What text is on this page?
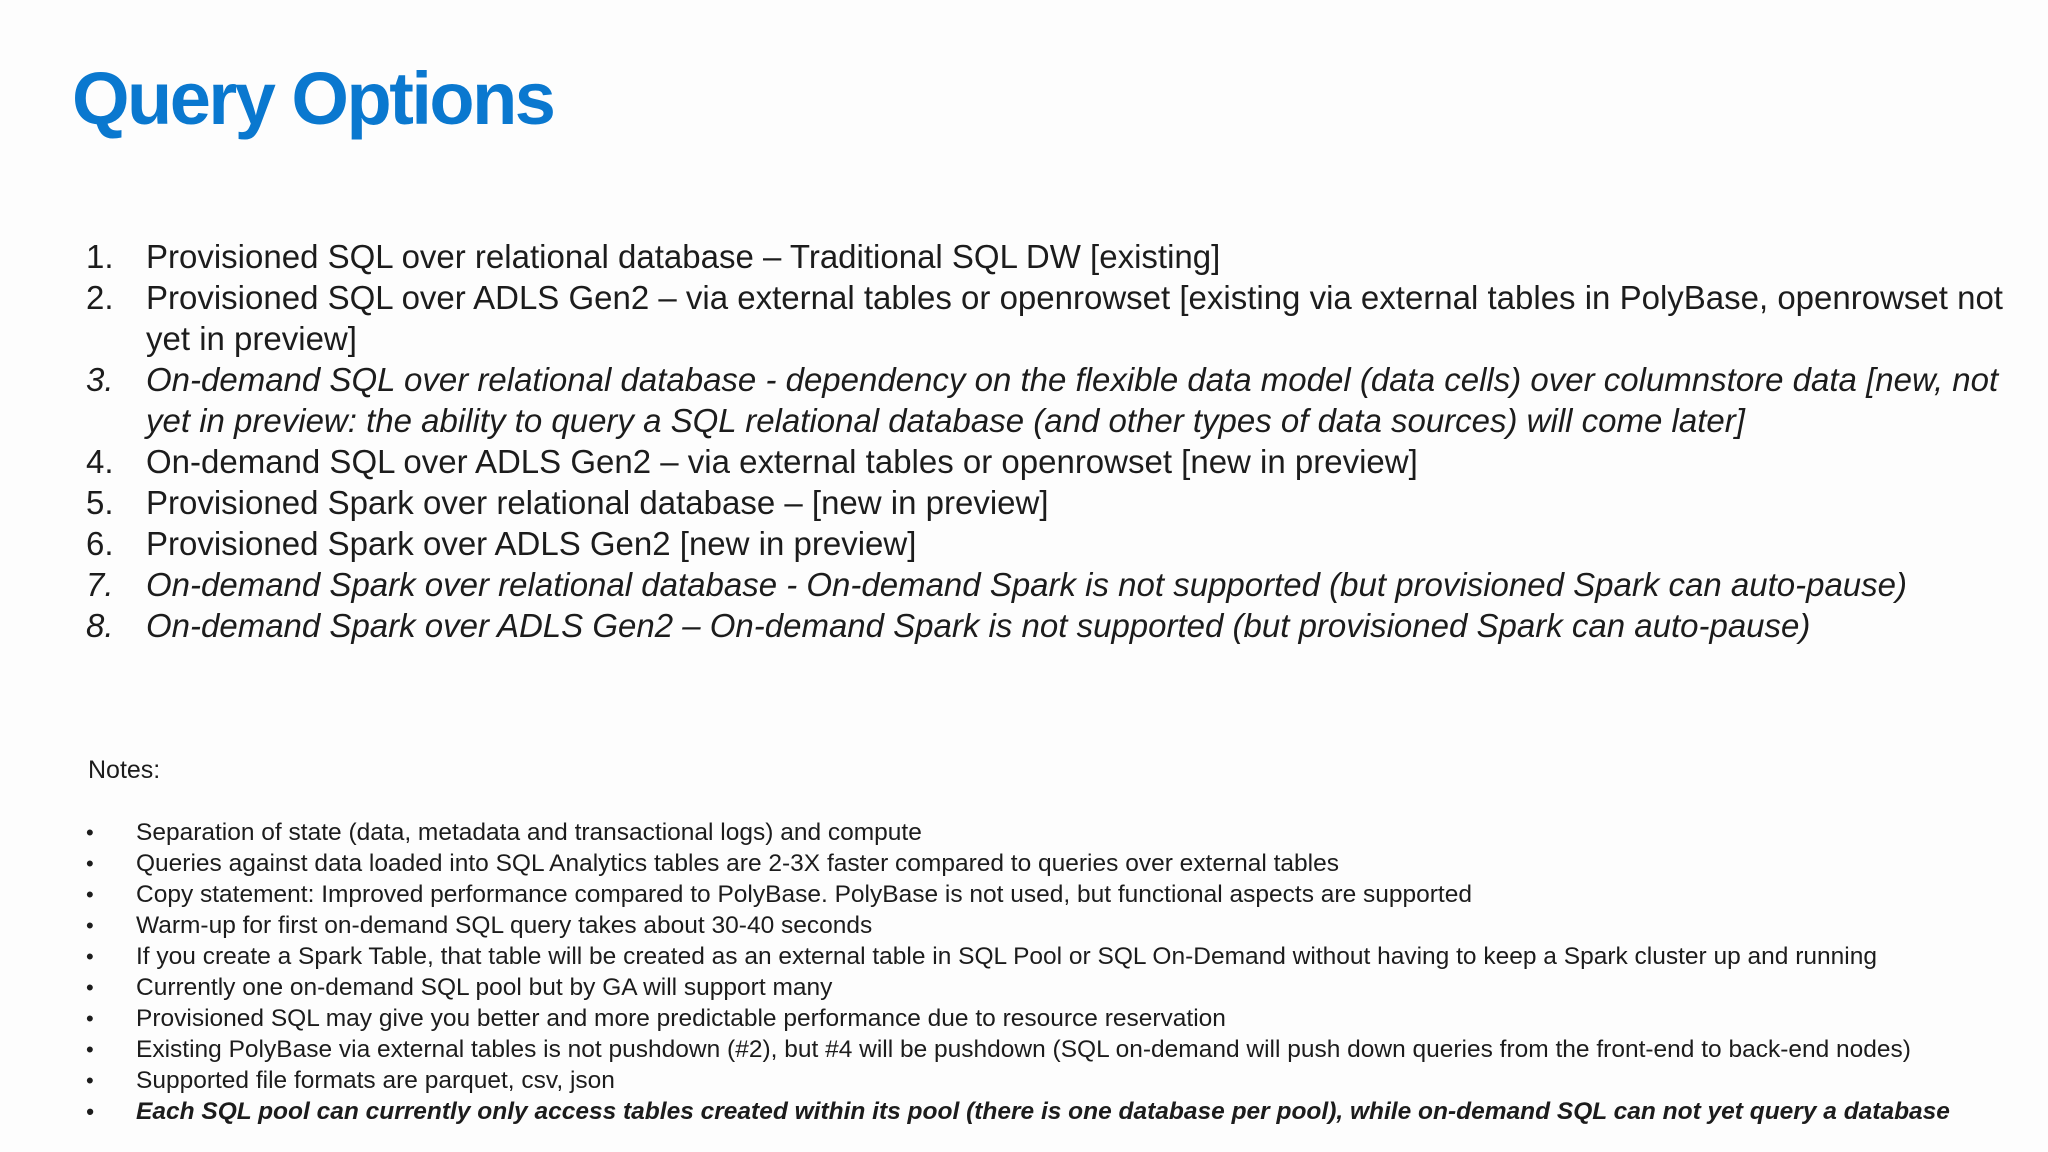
Query Options
1. Provisioned SQL over relational database – Traditional SQL DW [existing]
2. Provisioned SQL over ADLS Gen2 – via external tables or openrowset [existing via external tables in PolyBase, openrowset not yet in preview]
3. On-demand SQL over relational database - dependency on the flexible data model (data cells) over columnstore data [new, not yet in preview: the ability to query a SQL relational database (and other types of data sources) will come later]
4. On-demand SQL over ADLS Gen2 – via external tables or openrowset [new in preview]
5. Provisioned Spark over relational database – [new in preview]
6. Provisioned Spark over ADLS Gen2 [new in preview]
7. On-demand Spark over relational database - On-demand Spark is not supported (but provisioned Spark can auto-pause)
8. On-demand Spark over ADLS Gen2 – On-demand Spark is not supported (but provisioned Spark can auto-pause)

Notes:

•	Separation of state (data, metadata and transactional logs) and compute
•	Queries against data loaded into SQL Analytics tables are 2-3X faster compared to queries over external tables
•	Copy statement: Improved performance compared to PolyBase. PolyBase is not used, but functional aspects are supported
•	Warm-up for first on-demand SQL query takes about 30-40 seconds
•	If you create a Spark Table, that table will be created as an external table in SQL Pool or SQL On-Demand without having to keep a Spark cluster up and running
•	Currently one on-demand SQL pool but by GA will support many
•	Provisioned SQL may give you better and more predictable performance due to resource reservation
•	Existing PolyBase via external tables is not pushdown (#2), but #4 will be pushdown (SQL on-demand will push down queries from the front-end to back-end nodes)
•	Supported file formats are parquet, csv, json
•	Each SQL pool can currently only access tables created within its pool (there is one database per pool), while on-demand SQL can not yet query a database
